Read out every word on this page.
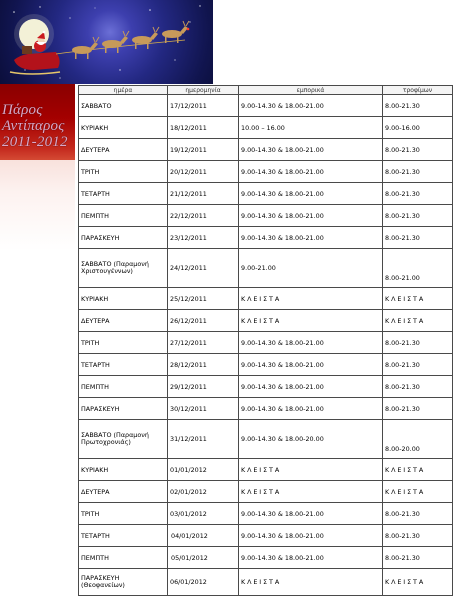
Πάρος
Αντίπαρος
2011-2012
ημέρα	ημερομηνία	εμπορικά	τροφίμων
ΣΑΒΒΑΤΟ	17/12/2011	9.00-14.30 & 18.00-21.00	8.00-21.30
ΚΥΡΙΑΚΗ	18/12/2011	10.00 – 16.00	9.00-16.00
ΔΕΥΤΕΡΑ	19/12/2011	9.00-14.30 & 18.00-21.00	8.00-21.30
ΤΡΙΤΗ	20/12/2011	9.00-14.30 & 18.00-21.00	8.00-21.30
ΤΕΤΑΡΤΗ	21/12/2011	9.00-14.30 & 18.00-21.00	8.00-21.30
ΠΕΜΠΤΗ	22/12/2011	9.00-14.30 & 18.00-21.00	8.00-21.30
ΠΑΡΑΣΚΕΥΗ	23/12/2011	9.00-14.30 & 18.00-21.00	8.00-21.30
ΣΑΒΒΑΤΟ (Παραμονή Χριστουγέννων)	24/12/2011	9.00-21.00	8.00-21.00
ΚΥΡΙΑΚΗ	25/12/2011	ΚΛΕΙΣΤΑ	ΚΛΕΙΣΤΑ
ΔΕΥΤΕΡΑ	26/12/2011	ΚΛΕΙΣΤΑ	ΚΛΕΙΣΤΑ
ΤΡΙΤΗ	27/12/2011	9.00-14.30 & 18.00-21.00	8.00-21.30
ΤΕΤΑΡΤΗ	28/12/2011	9.00-14.30 & 18.00-21.00	8.00-21.30
ΠΕΜΠΤΗ	29/12/2011	9.00-14.30 & 18.00-21.00	8.00-21.30
ΠΑΡΑΣΚΕΥΗ	30/12/2011	9.00-14.30 & 18.00-21.00	8.00-21.30
ΣΑΒΒΑΤΟ (Παραμονή Πρωτοχρονιάς)	31/12/2011	9.00-14.30 & 18.00-20.00	8.00-20.00
ΚΥΡΙΑΚΗ	01/01/2012	ΚΛΕΙΣΤΑ	ΚΛΕΙΣΤΑ
ΔΕΥΤΕΡΑ	02/01/2012	ΚΛΕΙΣΤΑ	ΚΛΕΙΣΤΑ
ΤΡΙΤΗ	03/01/2012	9.00-14.30 & 18.00-21.00	8.00-21.30
ΤΕΤΑΡΤΗ	04/01/2012	9.00-14.30 & 18.00-21.00	8.00-21.30
ΠΕΜΠΤΗ	05/01/2012	9.00-14.30 & 18.00-21.00	8.00-21.30
ΠΑΡΑΣΚΕΥΗ (Θεοφανείων)	06/01/2012	ΚΛΕΙΣΤΑ	ΚΛΕΙΣΤΑ
